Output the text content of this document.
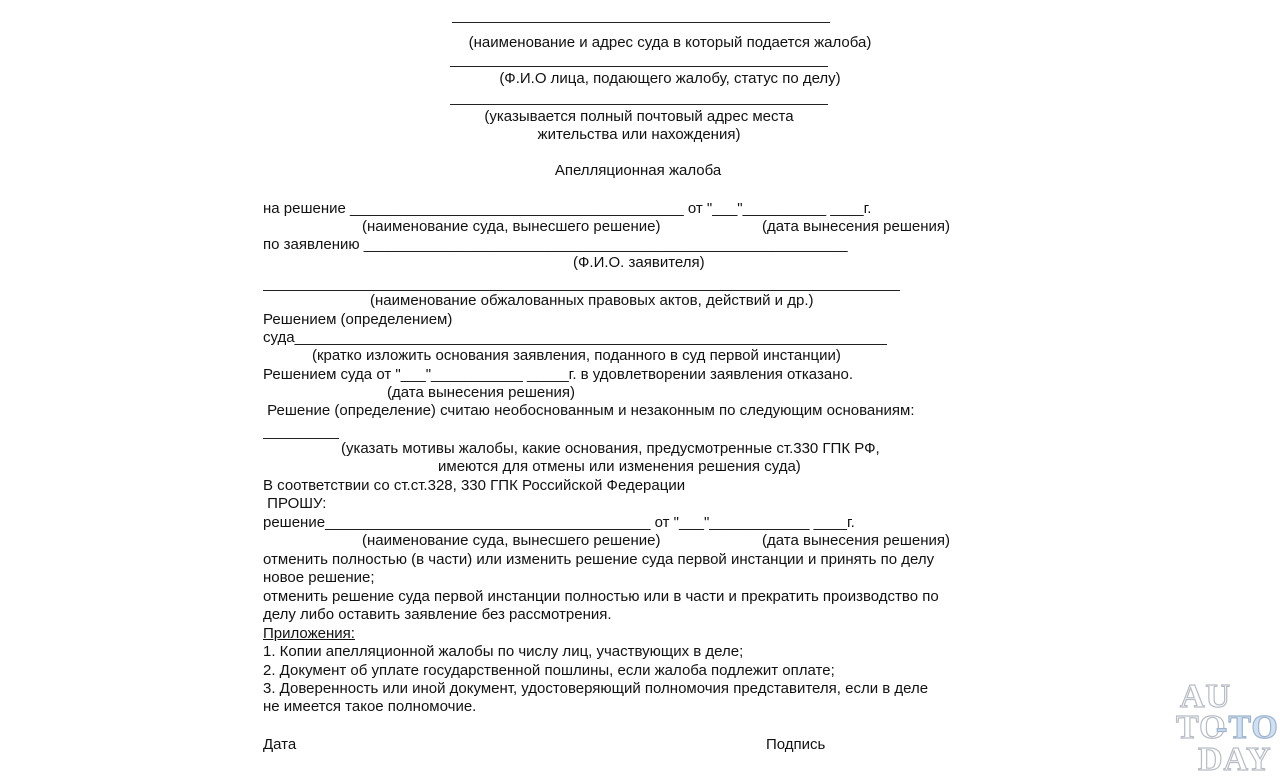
(наименование и адрес суда в который подается жалоба)
(Ф.И.О лица, подающего жалобу, статус по делу)
(указывается полный почтовый адрес места
жительства или нахождения)
Апелляционная жалоба
на решение ________________________________________ от "___"__________ ____г.
(наименование суда, вынесшего решение)	(дата вынесения решения)
по заявлению __________________________________________________________
(Ф.И.О. заявителя)
(наименование обжалованных правовых актов, действий и др.)
Решением (определением)
суда_______________________________________________________________________
(кратко изложить основания заявления, поданного в суд первой инстанции)
Решением суда от "___"___________ _____г. в удовлетворении заявления отказано.
(дата вынесения решения)
Решение (определение) считаю необоснованным и незаконным по следующим основаниям:
(указать мотивы жалобы, какие основания, предусмотренные ст.330 ГПК РФ,
имеются для отмены или изменения решения суда)
В соответствии со ст.ст.328, 330 ГПК Российской Федерации
ПРОШУ:
решение_______________________________________ от "___"____________ ____г.
(наименование суда, вынесшего решение)	(дата вынесения решения)
отменить полностью (в части) или изменить решение суда первой инстанции и принять по делу
новое решение;
отменить решение суда первой инстанции полностью или в части и прекратить производство по
делу либо оставить заявление без рассмотрения.
Приложения:
1. Копии апелляционной жалобы по числу лиц, участвующих в деле;
2. Документ об уплате государственной пошлины, если жалоба подлежит оплате;
3. Доверенность или иной документ, удостоверяющий полномочия представителя, если в деле
не имеется такое полномочие.
Дата	Подпись
AU
TO
-TO
DAY
